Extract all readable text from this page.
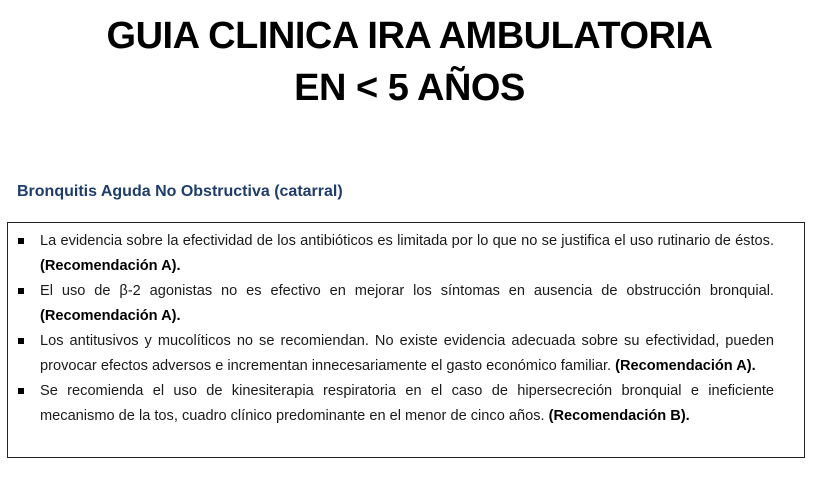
GUIA CLINICA IRA AMBULATORIA
EN < 5 AÑOS
Bronquitis Aguda No Obstructiva (catarral)
La evidencia sobre la efectividad de los antibióticos es limitada por lo que no se justifica el uso rutinario de éstos. (Recomendación A).
El uso de β-2 agonistas no es efectivo en mejorar los síntomas en ausencia de obstrucción bronquial. (Recomendación A).
Los antitusivos y mucolíticos no se recomiendan. No existe evidencia adecuada sobre su efectividad, pueden provocar efectos adversos e incrementan innecesariamente el gasto económico familiar. (Recomendación A).
Se recomienda el uso de kinesiterapia respiratoria en el caso de hipersecreción bronquial e ineficiente mecanismo de la tos, cuadro clínico predominante en el menor de cinco años. (Recomendación B).
